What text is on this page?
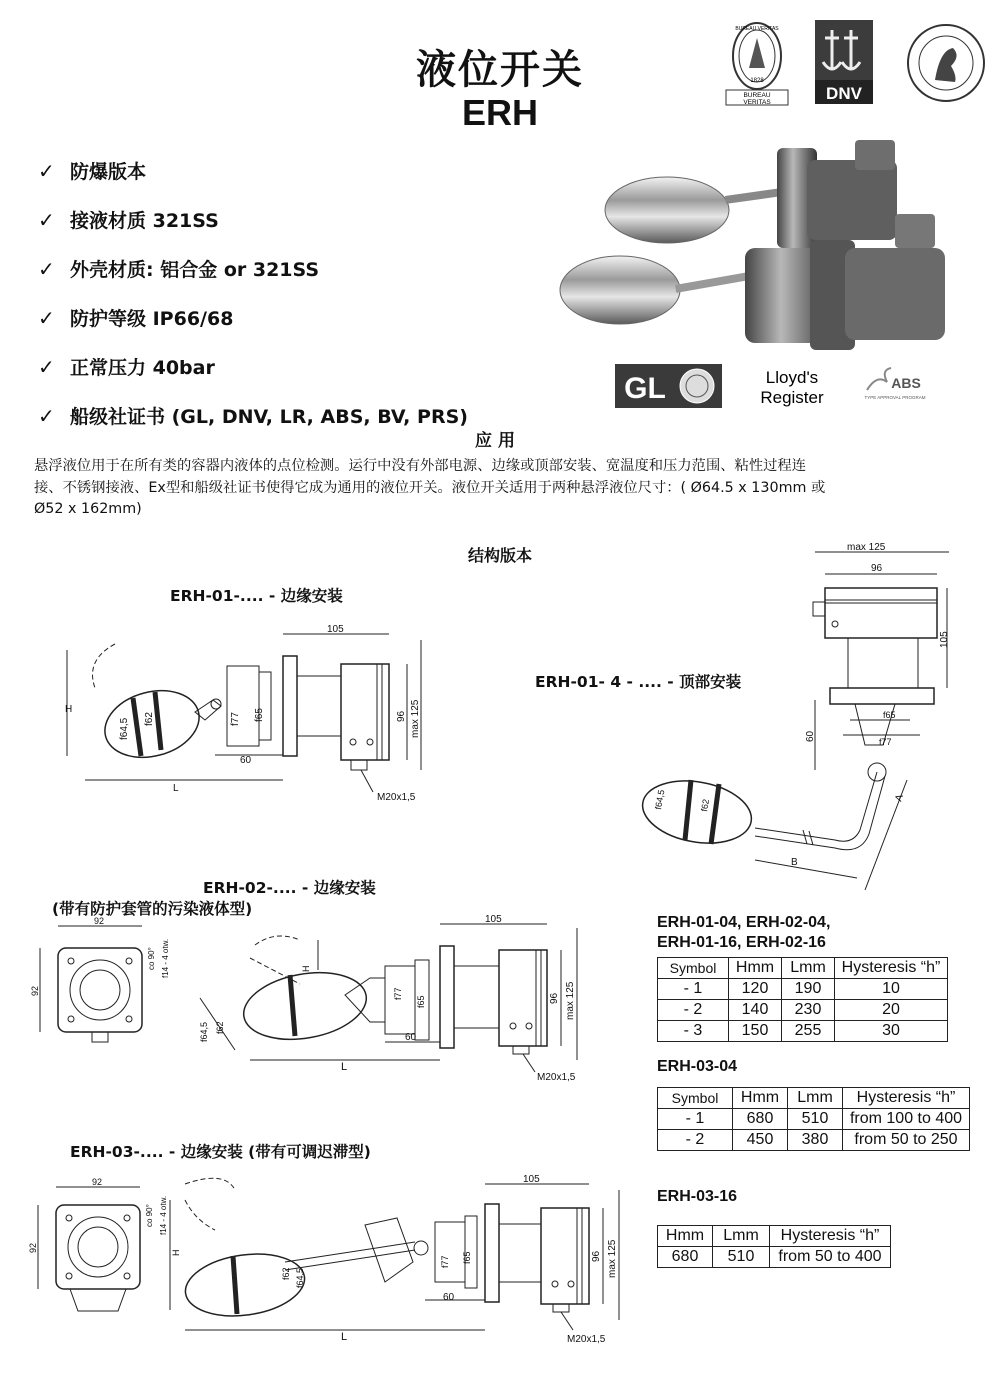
液位开关
ERH
BUREAU VERITAS
1828
BUREAU
VERITAS	DNV
✓ 防爆版本
✓ 接液材质 321SS
✓ 外壳材质: 铝合金 or 321SS
✓ 防护等级 IP66/68
✓ 正常压力 40bar
✓ 船级社证书 (GL, DNV, LR, ABS, BV, PRS)
GL	Lloyd's
Register
ABS
TYPE APPROVAL PROGRAM
应 用
悬浮液位用于在所有类的容器内液体的点位检测。运行中没有外部电源、边缘或顶部安装、宽温度和压力范围、粘性过程连
接、不锈钢接液、Ex型和船级社证书使得它成为通用的液位开关。液位开关适用于两种悬浮液位尺寸：( Ø64.5 x 130mm 或
Ø52 x 162mm)
结构版本
ERH-01-.... - 边缘安装
ERH-01- 4 - .... - 顶部安装
ERH-02-.... - 边缘安装
(带有防护套管的污染液体型)
ERH-03-.... - 边缘安装 (带有可调迟滞型)
105
60
L
H
M20x1,5
96 max 125
f64,5 f62	f77 f65
max 125
96
105
60
f65
f77
f64,5	f62
A
B
92
92
co 90° f14 - 4 otw.
105
60
L
H
M20x1,5
96 max 125
f64,5 f62
f77
f65
92
92
co 90° f14 - 4 otw.
105
60
L
H
M20x1,5
96 max 125
f62 f64,5
f77 f65
ERH-01-04, ERH-02-04,
ERH-01-16, ERH-02-16
Symbol	Hmm	Lmm	Hysteresis “h”
- 1	120	190	10
- 2	140	230	20
- 3	150	255	30
ERH-03-04
Symbol	Hmm	Lmm	Hysteresis “h”
- 1	680	510	from 100 to 400
- 2	450	380	from 50 to 250
ERH-03-16
Hmm	Lmm	Hysteresis “h”
680	510	from 50 to 400
